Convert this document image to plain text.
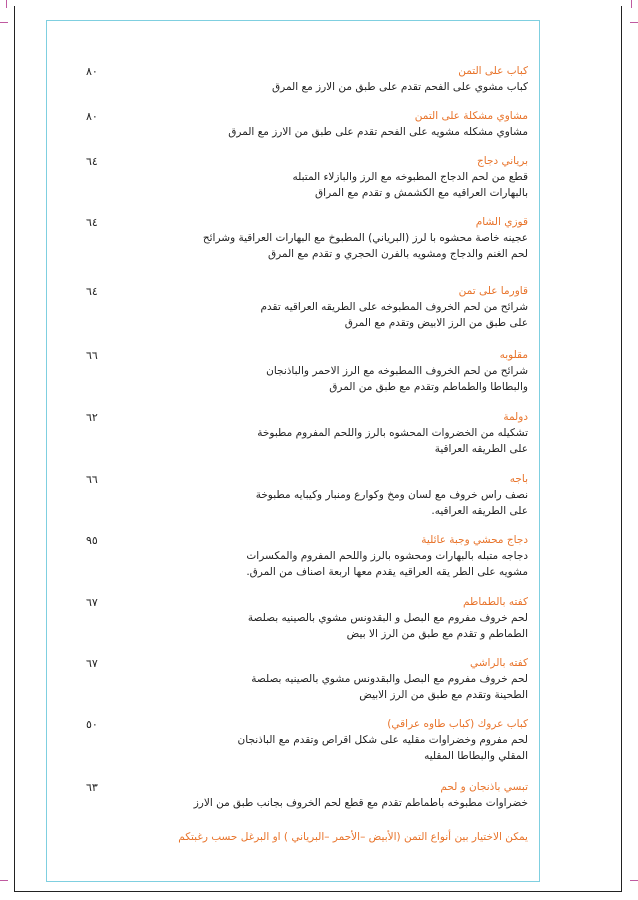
كباب على التمن
كباب مشوي على الفحم تقدم على طبق من الارز مع المرق
٨٠
مشاوي مشكلة على التمن
مشاوي مشكله مشويه على الفحم تقدم على طبق من الارز مع المرق
٨٠
برياني دجاج
قطع من لحم الدجاج المطبوخه مع الرز والبازلاء المتبله
بالبهارات العراقيه مع الكشمش و تقدم مع المراق
٦٤
قوزي الشام
عجينه خاصة محشوه با لرز (البرياني) المطبوخ مع البهارات العراقية وشرائح
لحم الغنم والدجاج ومشويه بالفرن الحجري و تقدم مع المرق
٦٤
قاورما على تمن
شرائح من لحم الخروف المطبوخه على الطريقه العراقيه تقدم
على طبق من الرز الابيض وتقدم مع المرق
٦٤
مقلوبه
شرائح من لحم الخروف االمطبوخه مع الرز الاحمر والباذنجان
والبطاطا والطماطم وتقدم مع طبق من المرق
٦٦
دولمة
تشكيله من الخضروات المحشوه بالرز واللحم المفروم مطبوخة
على الطريقه العراقية
٦٢
باجه
نصف راس خروف مع لسان ومخ وكوارع ومنبار وكيبايه مطبوخة
على الطريقه العراقيه.
٦٦
دجاج محشي وجبة عائلية
دجاجه متبله بالبهارات ومحشوه بالرز واللحم المفروم والمكسرات
مشويه على الطر يقه العراقيه يقدم معها اربعة اصناف من المرق.
٩٥
كفته بالطماطم
لحم خروف مفروم مع البصل و البقدونس مشوي بالصينيه بصلصة
الطماطم و تقدم مع طبق من الرز الا بيض
٦٧
كفته بالراشي
لحم خروف مفروم مع البصل والبقدونس مشوي بالصينيه بصلصة
الطحينة وتقدم مع طبق من الرز الابيض
٦٧
كباب عروك (كباب طاوه عراقي)
لحم مفروم وخضراوات مقليه على شكل اقراص وتقدم مع الباذنجان
المقلي والبطاطا المقليه
٥٠
تبسي باذنجان و لحم
خضراوات مطبوخه باطماطم تقدم مع قطع لحم الخروف بجانب طبق من الارز
٦٣
يمكن الاختيار بين أنواع التمن (الأبيض –الأحمر –البرياني ) او البرغل حسب رغبتكم
